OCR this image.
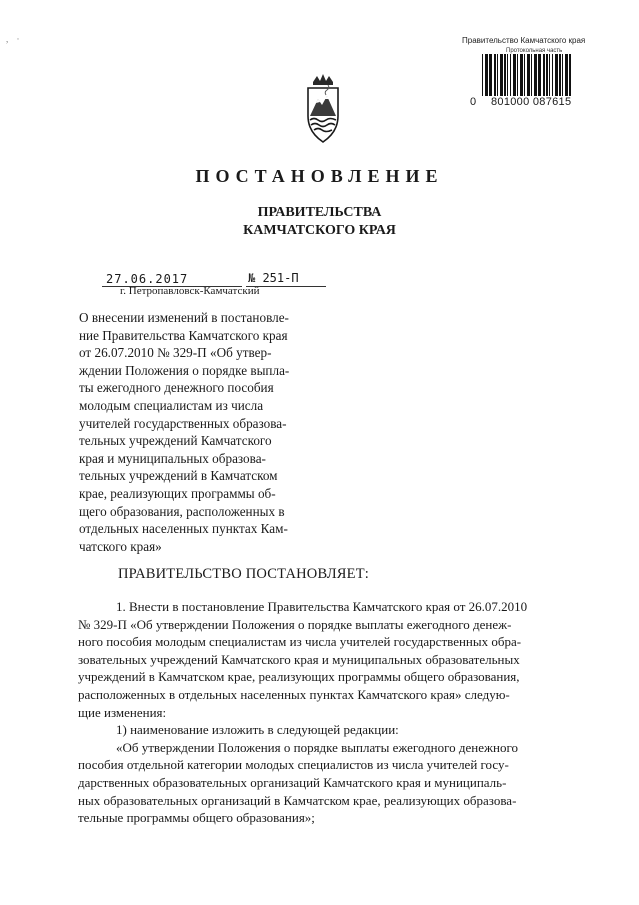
, ·	Правительство Камчатского края
Протокольная часть
0 801000 087615
ПОСТАНОВЛЕНИЕ
ПРАВИТЕЛЬСТВА
КАМЧАТСКОГО КРАЯ
27.06.2017	№ 251-П
г. Петропавловск-Камчатский

О внесении изменений в постановле-
ние Правительства Камчатского края
от 26.07.2010 № 329-П «Об утвер-
ждении Положения о порядке выпла-
ты ежегодного денежного пособия
молодым специалистам из числа
учителей государственных образова-
тельных учреждений Камчатского
края и муниципальных образова-
тельных учреждений в Камчатском
крае, реализующих программы об-
щего образования, расположенных в
отдельных населенных пунктах Кам-
чатского края»

ПРАВИТЕЛЬСТВО ПОСТАНОВЛЯЕТ:

1. Внести в постановление Правительства Камчатского края от 26.07.2010
№ 329-П «Об утверждении Положения о порядке выплаты ежегодного денеж-
ного пособия молодым специалистам из числа учителей государственных обра-
зовательных учреждений Камчатского края и муниципальных образовательных
учреждений в Камчатском крае, реализующих программы общего образования,
расположенных в отдельных населенных пунктах Камчатского края» следую-
щие изменения:
1) наименование изложить в следующей редакции:
«Об утверждении Положения о порядке выплаты ежегодного денежного
пособия отдельной категории молодых специалистов из числа учителей госу-
дарственных образовательных организаций Камчатского края и муниципаль-
ных образовательных организаций в Камчатском крае, реализующих образова-
тельные программы общего образования»;
